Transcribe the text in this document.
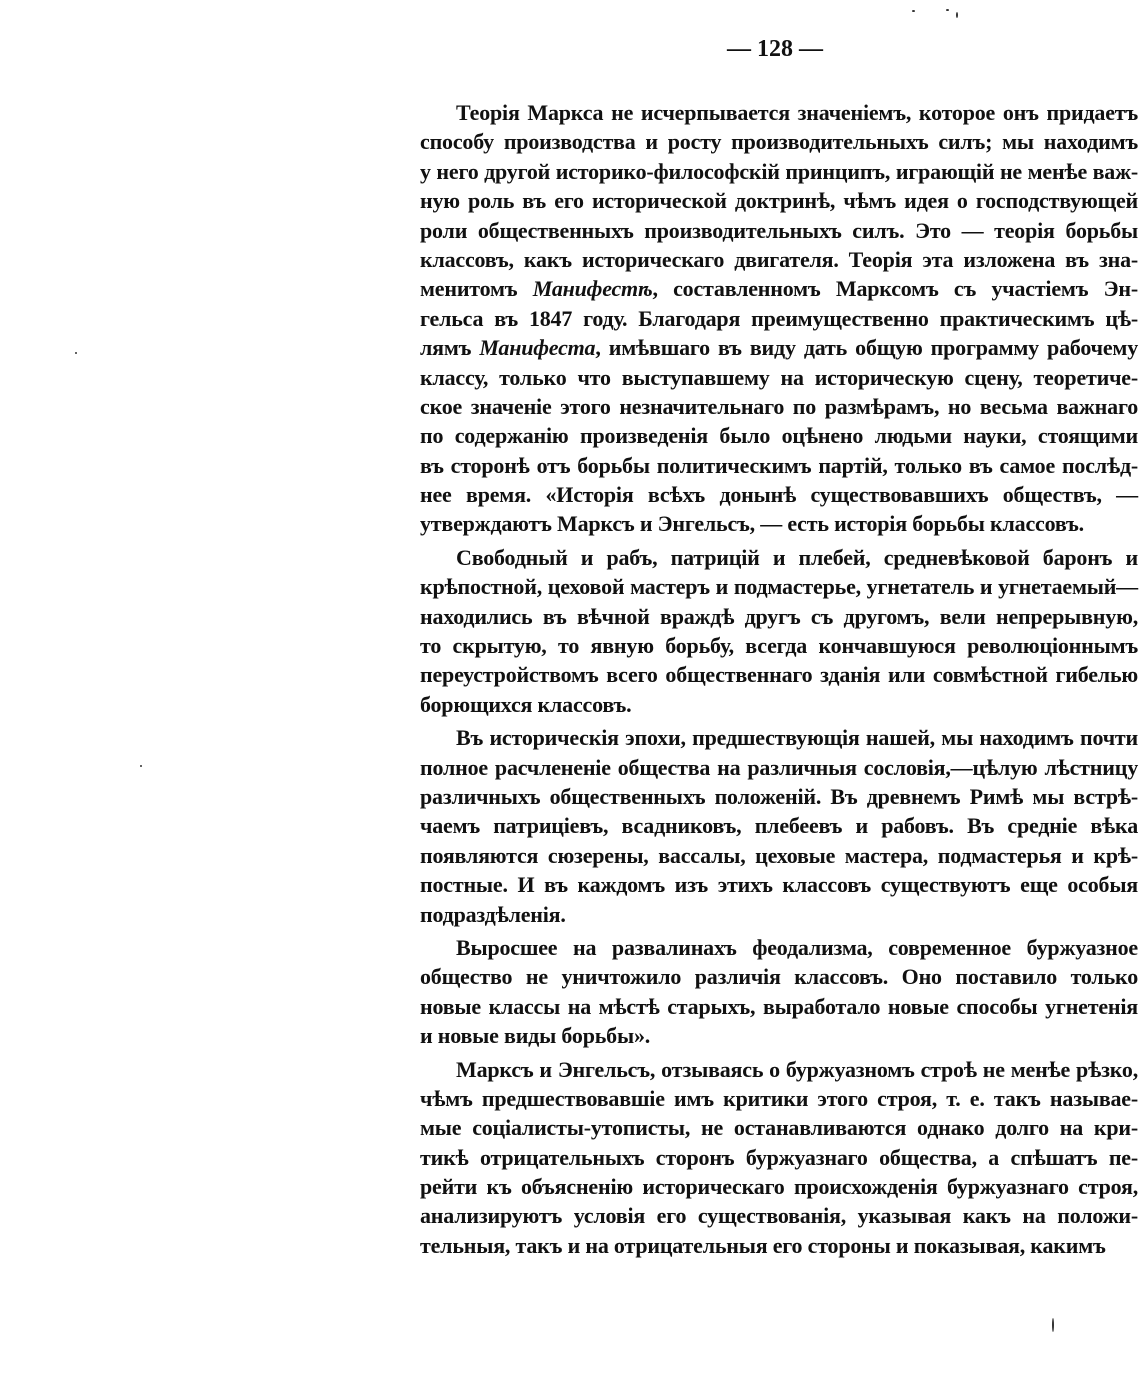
— 128 —
Теорія Маркса не исчерпывается значеніемъ, которое онъ придаетъ
способу производства и росту производительныхъ силъ; мы находимъ
у него другой историко-философскій принципъ, играющій не менѣе важ-
ную роль въ его исторической доктринѣ, чѣмъ идея о господствующей
роли общественныхъ производительныхъ силъ. Это — теорія борьбы
классовъ, какъ историческаго двигателя. Теорія эта изложена въ зна-
менитомъ Манифестѣ, составленномъ Марксомъ съ участіемъ Эн-
гельса въ 1847 году. Благодаря преимущественно практическимъ цѣ-
лямъ Манифеста, имѣвшаго въ виду дать общую программу рабочему
классу, только что выступавшему на историческую сцену, теоретиче-
ское значеніе этого незначительнаго по размѣрамъ, но весьма важнаго
по содержанію произведенія было оцѣнено людьми науки, стоящими
въ сторонѣ отъ борьбы политическимъ партій, только въ самое послѣд-
нее время. «Исторія всѣхъ донынѣ существовавшихъ обществъ, —
утверждаютъ Марксъ и Энгельсъ, — есть исторія борьбы классовъ.
Свободный и рабъ, патрицій и плебей, средневѣковой баронъ и
крѣпостной, цеховой мастеръ и подмастерье, угнетатель и угнетаемый—
находились въ вѣчной враждѣ другъ съ другомъ, вели непрерывную,
то скрытую, то явную борьбу, всегда кончавшуюся революціоннымъ
переустройствомъ всего общественнаго зданія или совмѣстной гибелью
борющихся классовъ.
Въ историческія эпохи, предшествующія нашей, мы находимъ почти
полное расчлененіе общества на различныя сословія,—цѣлую лѣстницу
различныхъ общественныхъ положеній. Въ древнемъ Римѣ мы встрѣ-
чаемъ патриціевъ, всадниковъ, плебеевъ и рабовъ. Въ средніе вѣка
появляются сюзерены, вассалы, цеховые мастера, подмастерья и крѣ-
постные. И въ каждомъ изъ этихъ классовъ существуютъ еще особыя
подраздѣленія.
Выросшее на развалинахъ феодализма, современное буржуазное
общество не уничтожило различія классовъ. Оно поставило только
новые классы на мѣстѣ старыхъ, выработало новые способы угнетенія
и новые виды борьбы».
Марксъ и Энгельсъ, отзываясь о буржуазномъ строѣ не менѣе рѣзко,
чѣмъ предшествовавшіе имъ критики этого строя, т. е. такъ называе-
мые соціалисты-утописты, не останавливаются однако долго на кри-
тикѣ отрицательныхъ сторонъ буржуазнаго общества, а спѣшатъ пе-
рейти къ объясненію историческаго происхожденія буржуазнаго строя,
анализируютъ условія его существованія, указывая какъ на положи-
тельныя, такъ и на отрицательныя его стороны и показывая, какимъ
